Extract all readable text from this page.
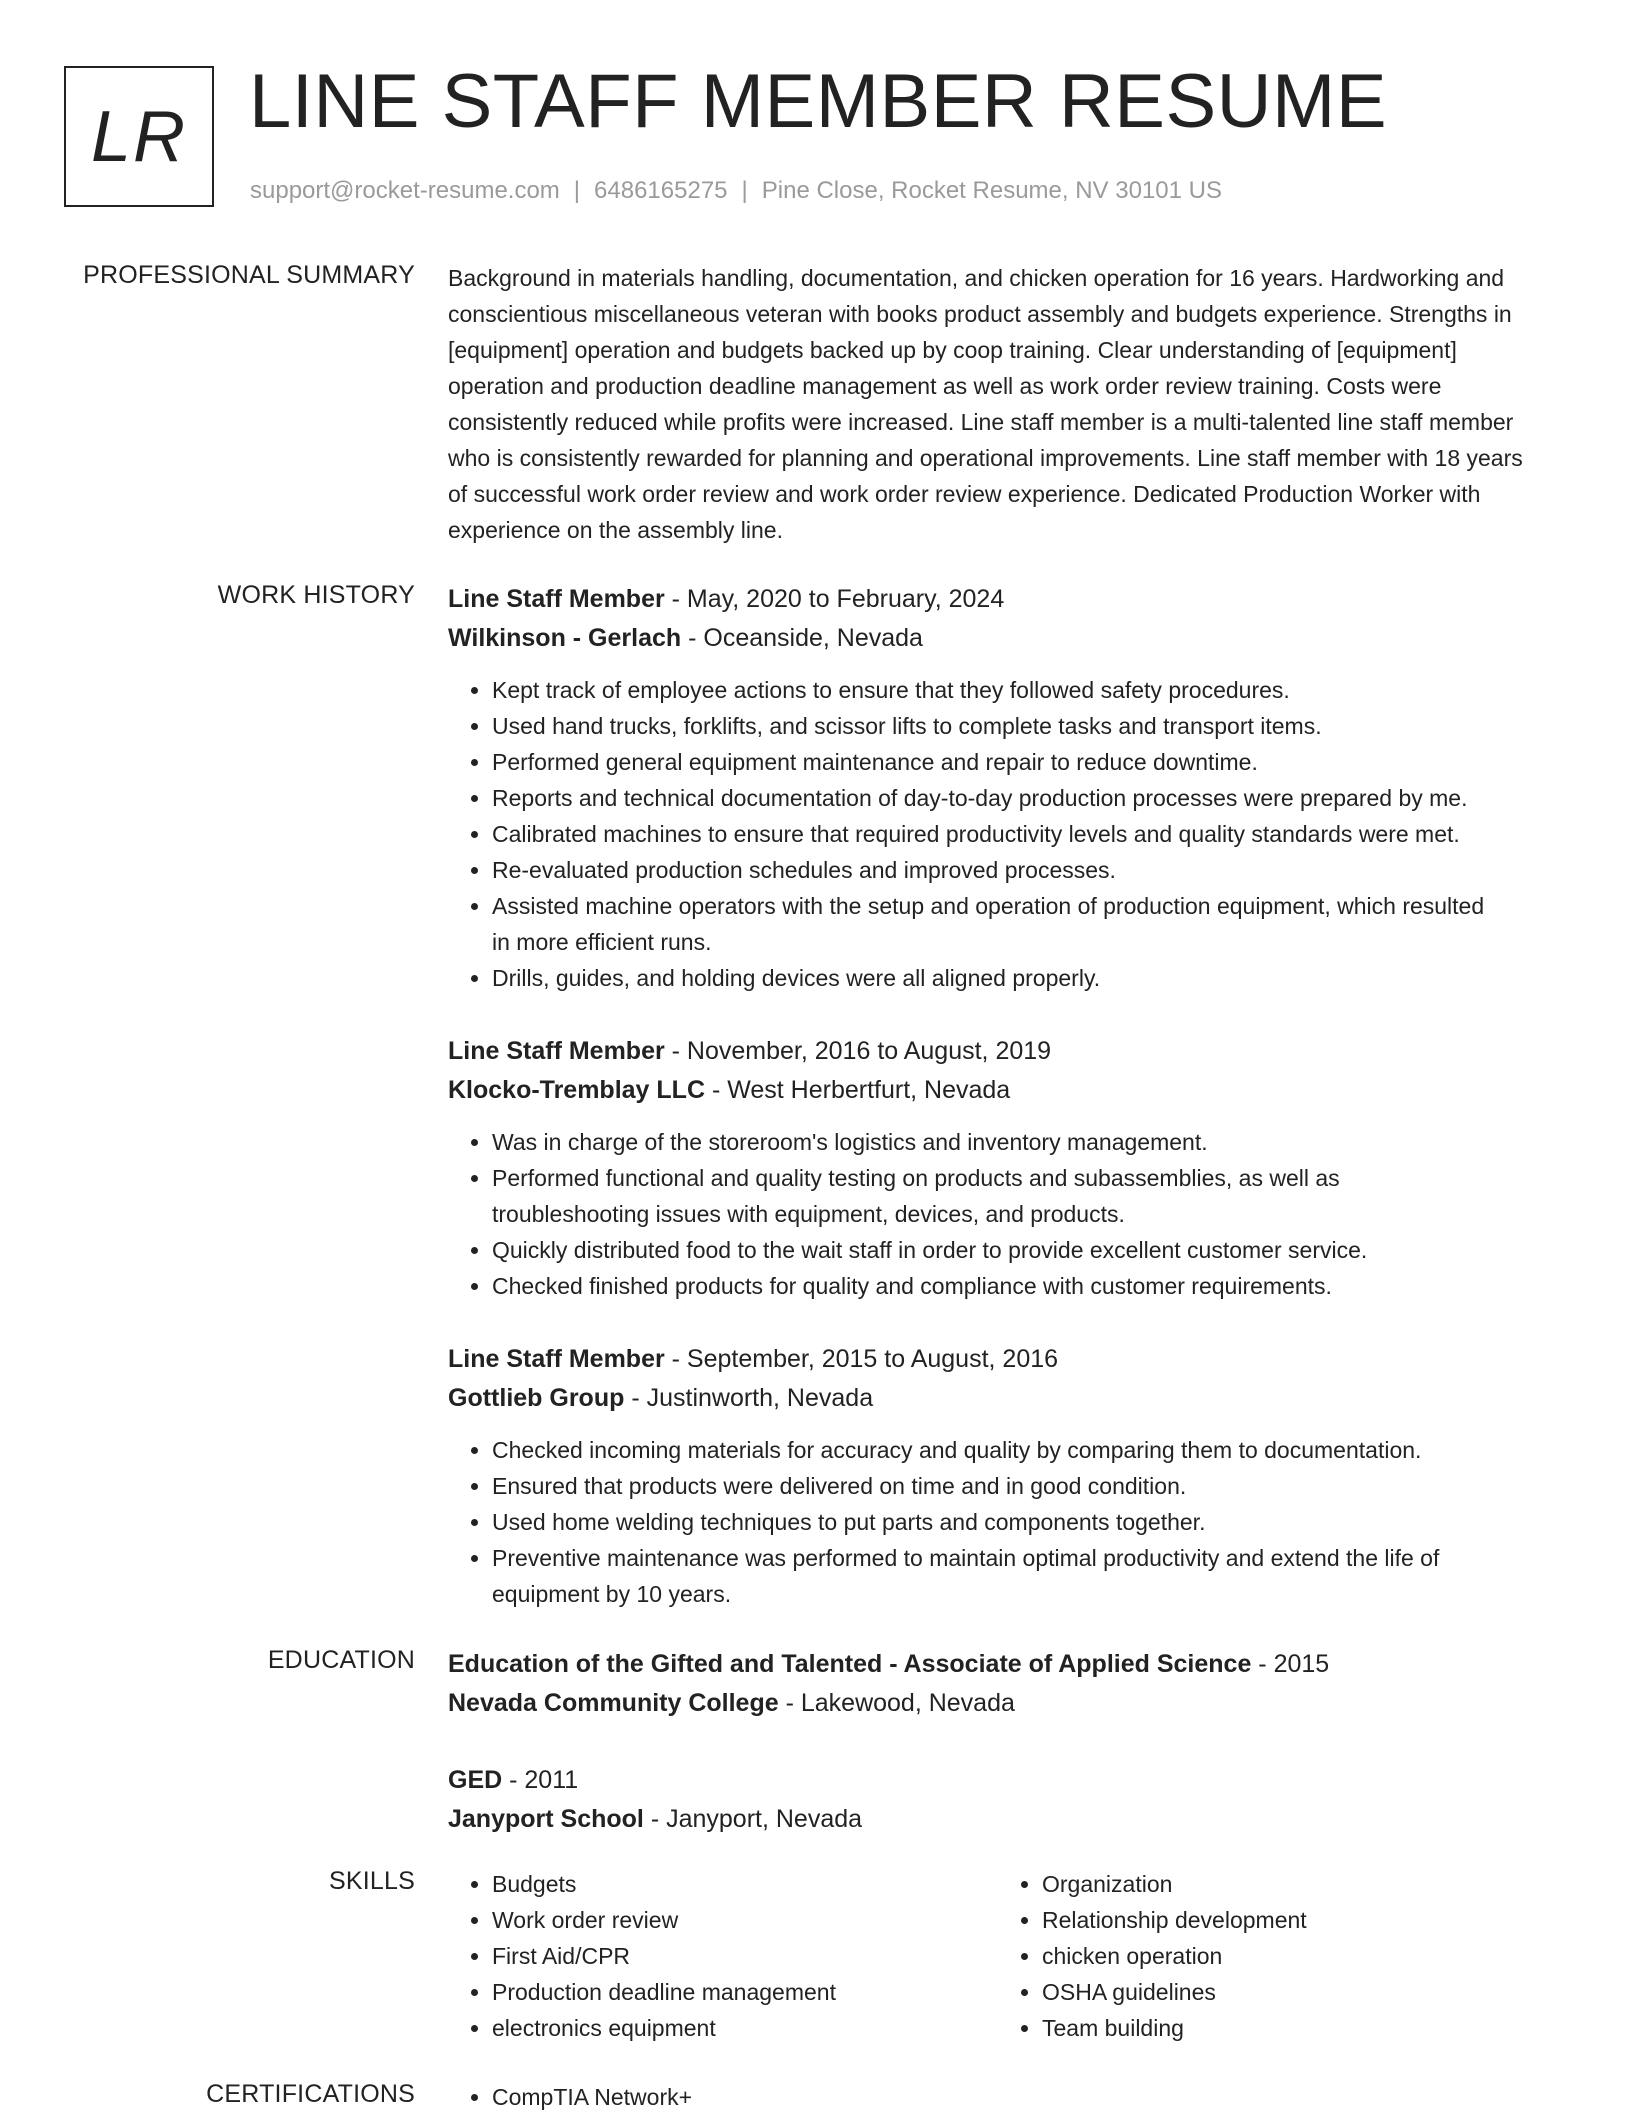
LR LINE STAFF MEMBER RESUME
support@rocket-resume.com | 6486165275 | Pine Close, Rocket Resume, NV 30101 US
PROFESSIONAL SUMMARY Background in materials handling, documentation, and chicken operation for 16 years. Hardworking and conscientious miscellaneous veteran with books product assembly and budgets experience. Strengths in [equipment] operation and budgets backed up by coop training. Clear understanding of [equipment] operation and production deadline management as well as work order review training. Costs were consistently reduced while profits were increased. Line staff member is a multi-talented line staff member who is consistently rewarded for planning and operational improvements. Line staff member with 18 years of successful work order review and work order review experience. Dedicated Production Worker with experience on the assembly line.

WORK HISTORY Line Staff Member - May, 2020 to February, 2024
Wilkinson - Gerlach - Oceanside, Nevada
• Kept track of employee actions to ensure that they followed safety procedures.
• Used hand trucks, forklifts, and scissor lifts to complete tasks and transport items.
• Performed general equipment maintenance and repair to reduce downtime.
• Reports and technical documentation of day-to-day production processes were prepared by me.
• Calibrated machines to ensure that required productivity levels and quality standards were met.
• Re-evaluated production schedules and improved processes.
• Assisted machine operators with the setup and operation of production equipment, which resulted in more efficient runs.
• Drills, guides, and holding devices were all aligned properly.
Line Staff Member - November, 2016 to August, 2019
Klocko-Tremblay LLC - West Herbertfurt, Nevada
• Was in charge of the storeroom's logistics and inventory management.
• Performed functional and quality testing on products and subassemblies, as well as troubleshooting issues with equipment, devices, and products.
• Quickly distributed food to the wait staff in order to provide excellent customer service.
• Checked finished products for quality and compliance with customer requirements.
Line Staff Member - September, 2015 to August, 2016
Gottlieb Group - Justinworth, Nevada
• Checked incoming materials for accuracy and quality by comparing them to documentation.
• Ensured that products were delivered on time and in good condition.
• Used home welding techniques to put parts and components together.
• Preventive maintenance was performed to maintain optimal productivity and extend the life of equipment by 10 years.
EDUCATION Education of the Gifted and Talented - Associate of Applied Science - 2015
Nevada Community College - Lakewood, Nevada
GED - 2011
Janyport School - Janyport, Nevada
SKILLS	• Budgets
• Work order review
• First Aid/CPR
• Production deadline management
• electronics equipment
• Organization
• Relationship development
• chicken operation
• OSHA guidelines
• Team building
CERTIFICATIONS	• CompTIA Network+
